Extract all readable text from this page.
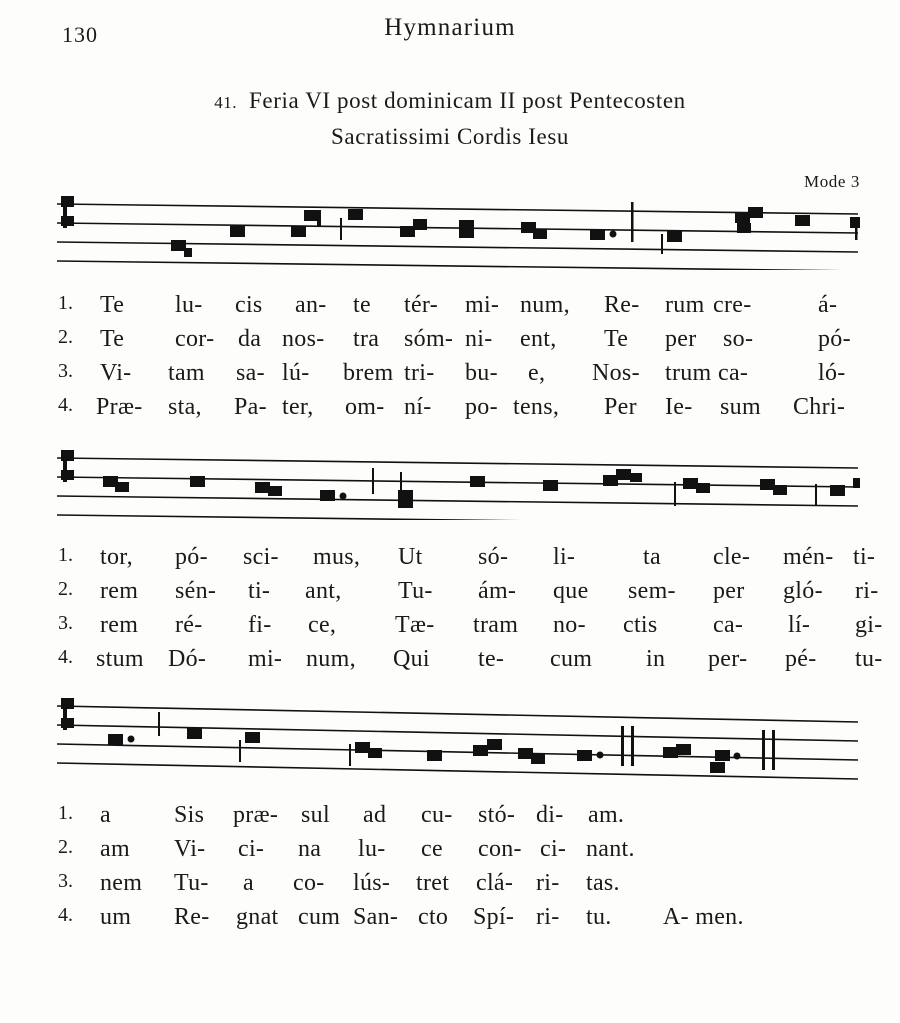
130	Hymnarium
41. Feria VI post dominicam II post Pentecosten
Sacratissimi Cordis Iesu
Mode 3
1.	Te lu- cis an- te tér- mi- num, Re- rum cre-	á-
2.	Te cor- da nos- tra sóm- ni- ent, Te per so-	pó-
3.	Vi- tam sa- lú- brem tri- bu- e, Nos- trum ca-	ló-
4. Præ- sta, Pa- ter, om- ní- po- tens, Per Ie- sum Chri-
1.	tor, pó- sci- mus, Ut só- li-	ta cle- mén- ti-
2.	rem sén- ti- ant, Tu- ám- que sem- per gló- ri-
3.	rem ré- fi- ce, Tæ- tram no- ctis ca- lí- gi-
4. stum Dó- mi- num, Qui te- cum in per- pé- tu-
1.	a	Sis præ- sul ad cu- stó- di- am.
2.	am Vi- ci- na lu- ce con- ci- nant.
3.	nem Tu- a co- lús- tret clá- ri- tas.
4.	um Re- gnat cum San- cto Spí- ri- tu. A- men.
